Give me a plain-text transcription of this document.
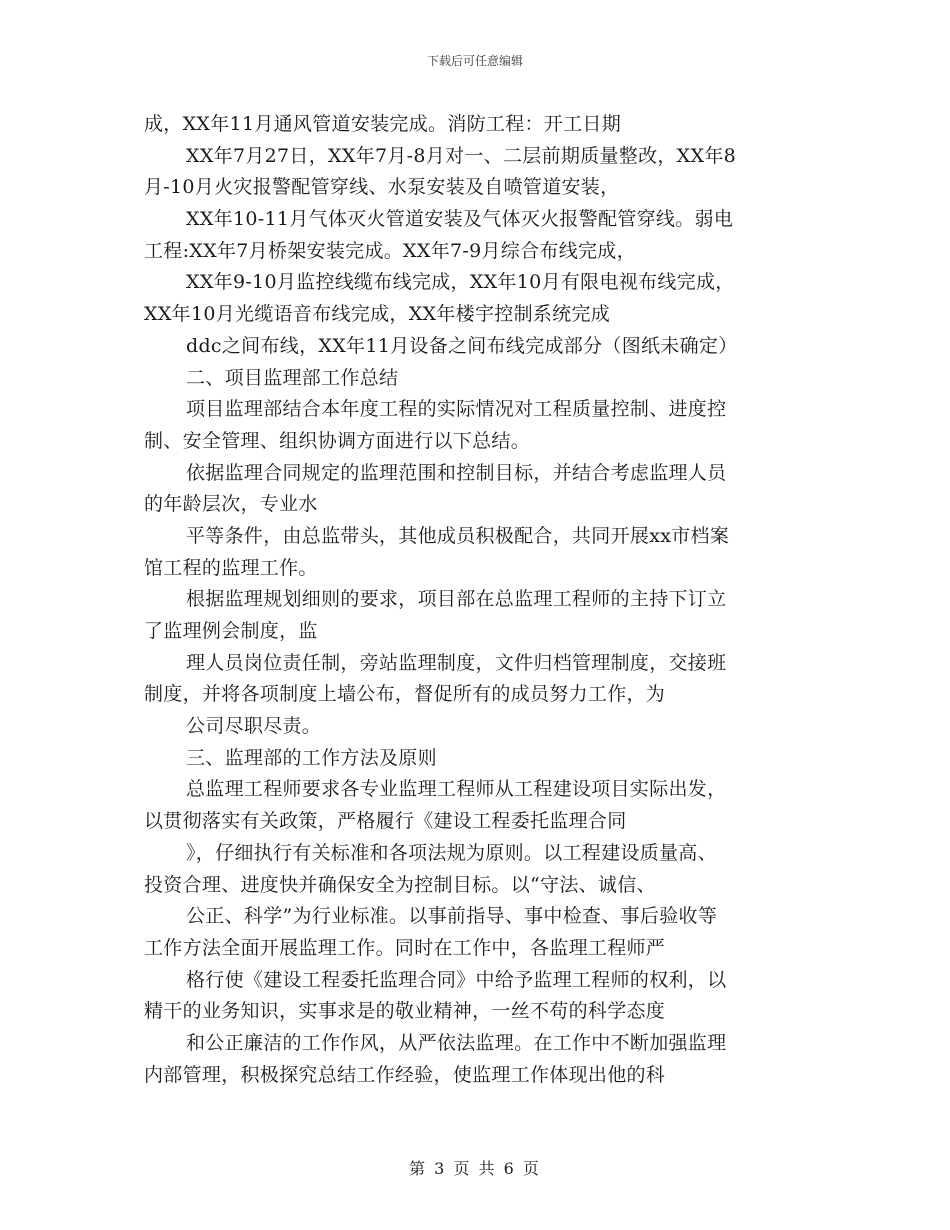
下载后可任意编辑
成，XX年11月通风管道安装完成。消防工程：开工日期
XX年7月27日，XX年7月-8月对一、二层前期质量整改，XX年8
月-10月火灾报警配管穿线、水泵安装及自喷管道安装，
XX年10-11月气体灭火管道安装及气体灭火报警配管穿线。弱电
工程:XX年7月桥架安装完成。XX年7-9月综合布线完成，
XX年9-10月监控线缆布线完成，XX年10月有限电视布线完成，
XX年10月光缆语音布线完成，XX年楼宇控制系统完成
ddc之间布线，XX年11月设备之间布线完成部分（图纸未确定）
二、项目监理部工作总结
项目监理部结合本年度工程的实际情况对工程质量控制、进度控
制、安全管理、组织协调方面进行以下总结。
依据监理合同规定的监理范围和控制目标，并结合考虑监理人员
的年龄层次，专业水
平等条件，由总监带头，其他成员积极配合，共同开展xx市档案
馆工程的监理工作。
根据监理规划细则的要求，项目部在总监理工程师的主持下订立
了监理例会制度，监
理人员岗位责任制，旁站监理制度，文件归档管理制度，交接班
制度，并将各项制度上墙公布，督促所有的成员努力工作，为
公司尽职尽责。
三、监理部的工作方法及原则
总监理工程师要求各专业监理工程师从工程建设项目实际出发，
以贯彻落实有关政策，严格履行《建设工程委托监理合同
》，仔细执行有关标准和各项法规为原则。以工程建设质量高、
投资合理、进度快并确保安全为控制目标。以“守法、诚信、
公正、科学”为行业标准。以事前指导、事中检查、事后验收等
工作方法全面开展监理工作。同时在工作中，各监理工程师严
格行使《建设工程委托监理合同》中给予监理工程师的权利，以
精干的业务知识，实事求是的敬业精神，一丝不苟的科学态度
和公正廉洁的工作作风，从严依法监理。在工作中不断加强监理
内部管理，积极探究总结工作经验，使监理工作体现出他的科
第 3 页 共 6 页
